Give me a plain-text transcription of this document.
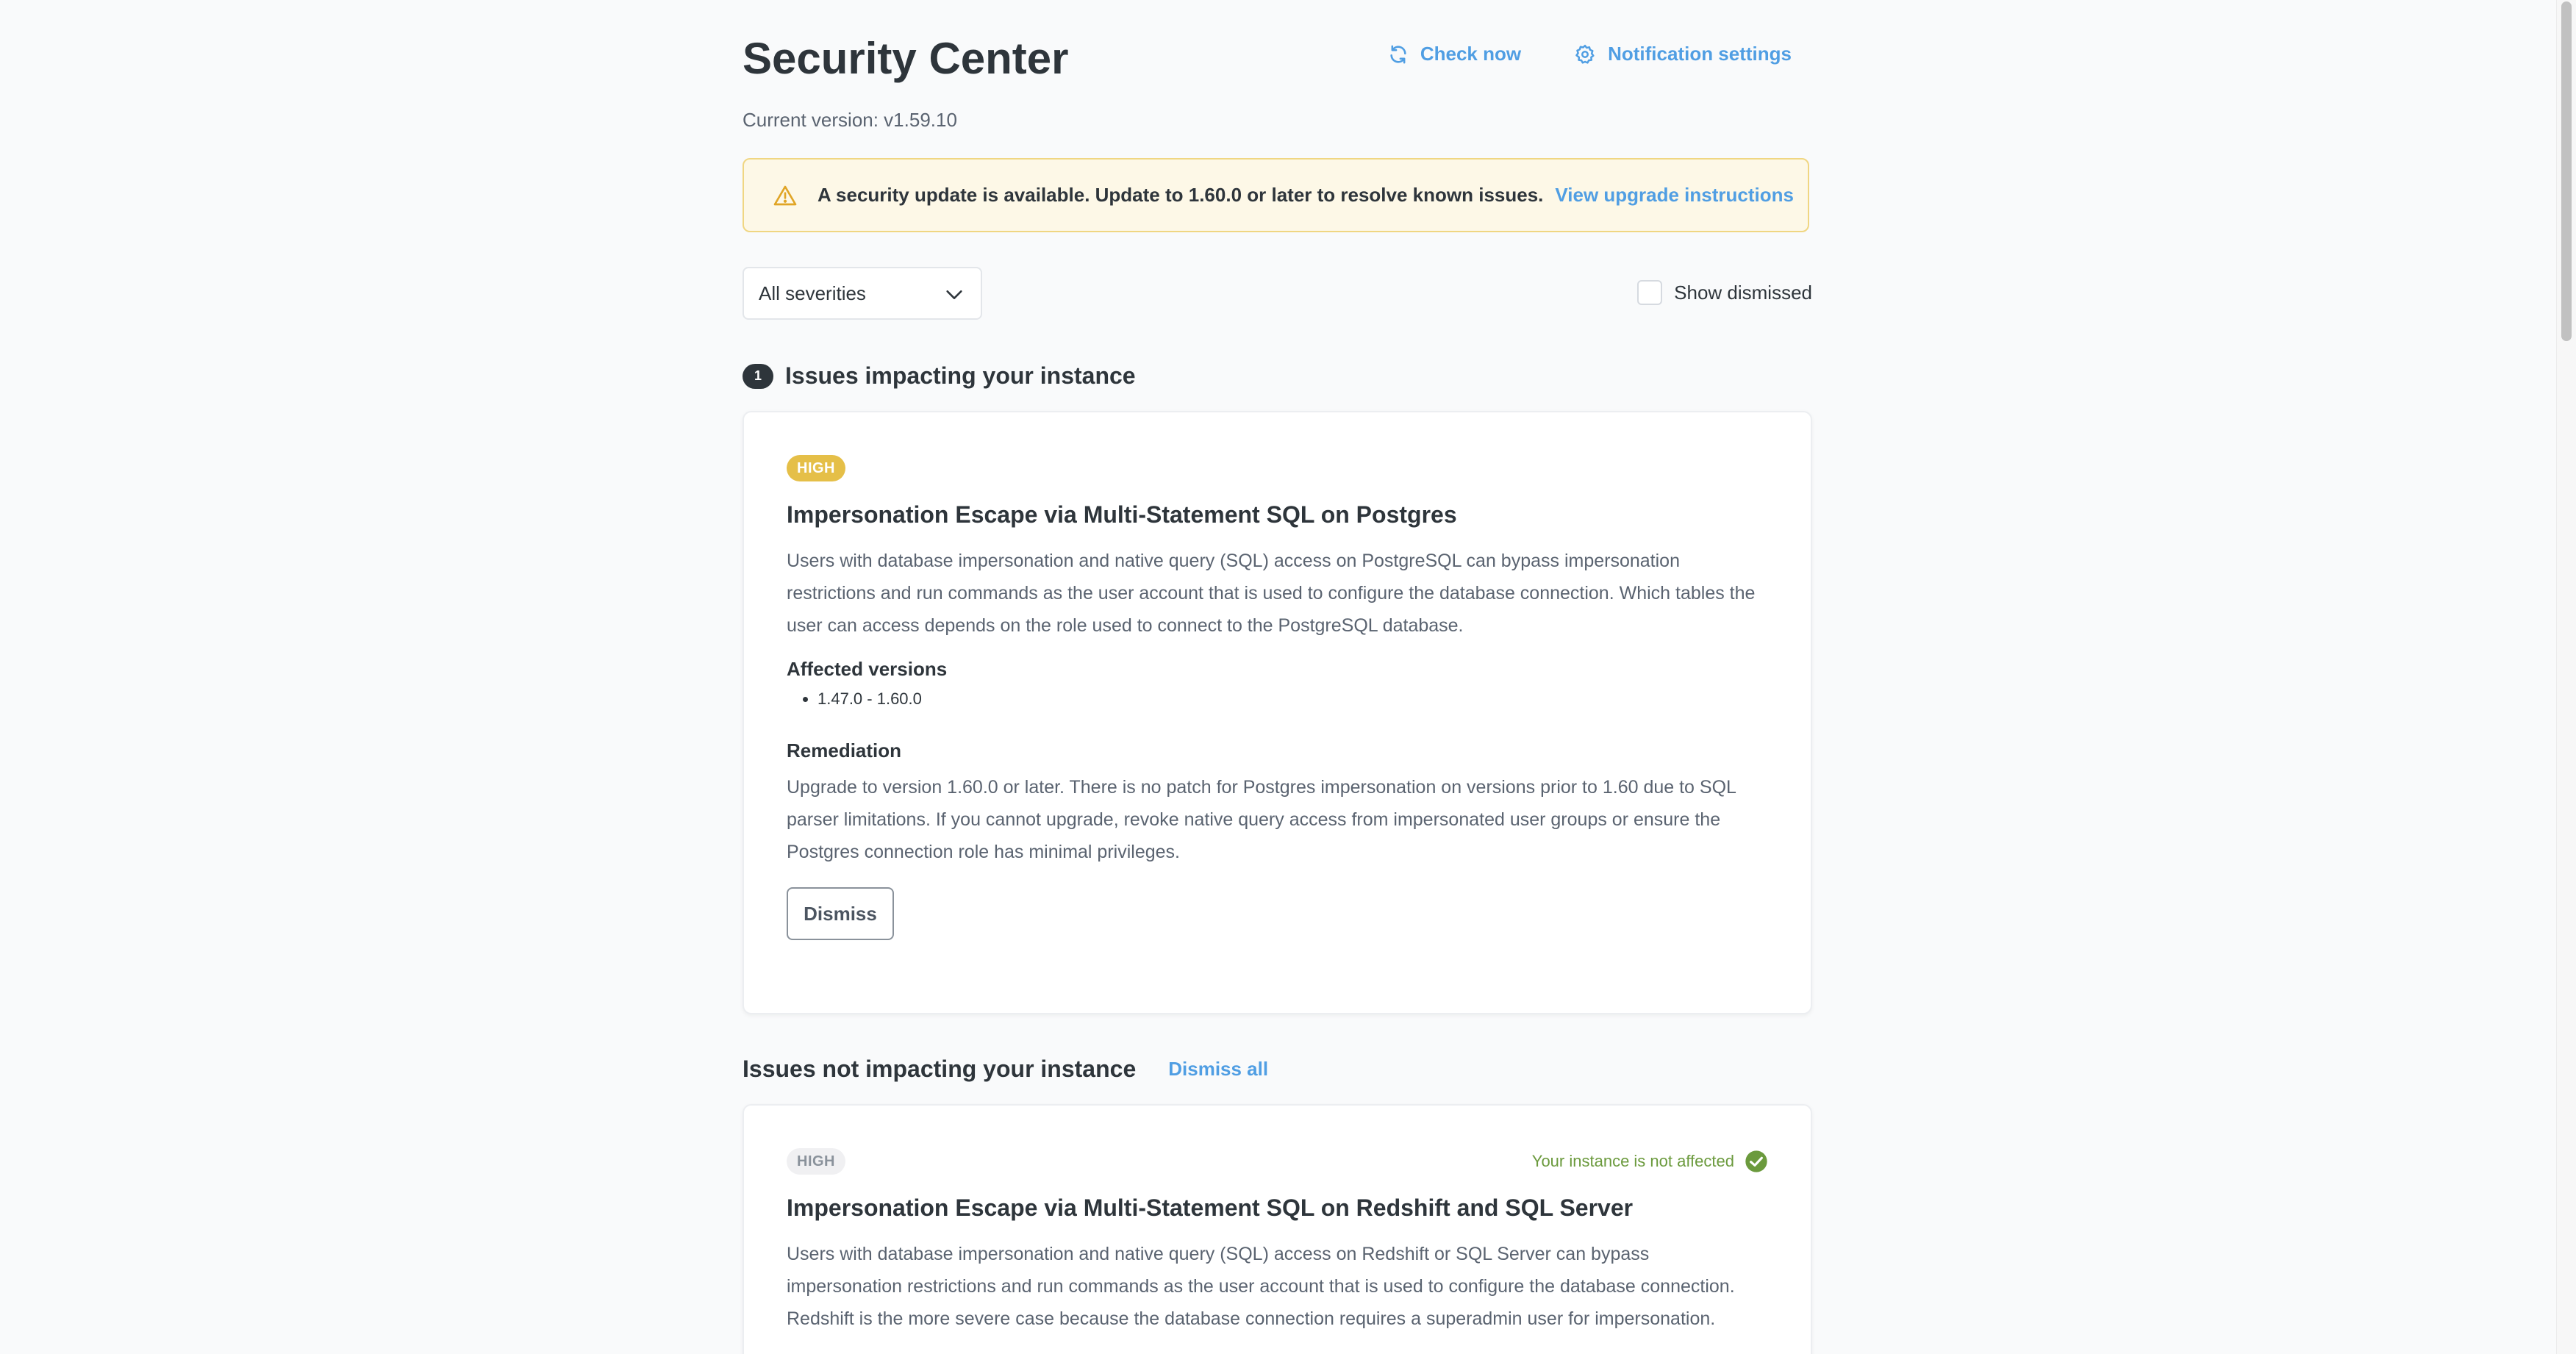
Security Center	Check now	Notification settings
Current version: v1.59.10
A security update is available. Update to 1.60.0 or later to resolve known issues. View upgrade instructions
All severities	Show dismissed
1	Issues impacting your instance
HIGH
Impersonation Escape via Multi-Statement SQL on Postgres

Users with database impersonation and native query (SQL) access on PostgreSQL can bypass impersonation restrictions and run commands as the user account that is used to configure the database connection. Which tables the user can access depends on the role used to connect to the PostgreSQL database.

Affected versions
• 1.47.0 - 1.60.0
Remediation

Upgrade to version 1.60.0 or later. There is no patch for Postgres impersonation on versions prior to 1.60 due to SQL parser limitations. If you cannot upgrade, revoke native query access from impersonated user groups or ensure the Postgres connection role has minimal privileges.

Dismiss
Issues not impacting your instance Dismiss all
Your instance is not affected
HIGH
Impersonation Escape via Multi-Statement SQL on Redshift and SQL Server

Users with database impersonation and native query (SQL) access on Redshift or SQL Server can bypass impersonation restrictions and run commands as the user account that is used to configure the database connection. Redshift is the more severe case because the database connection requires a superadmin user for impersonation.
